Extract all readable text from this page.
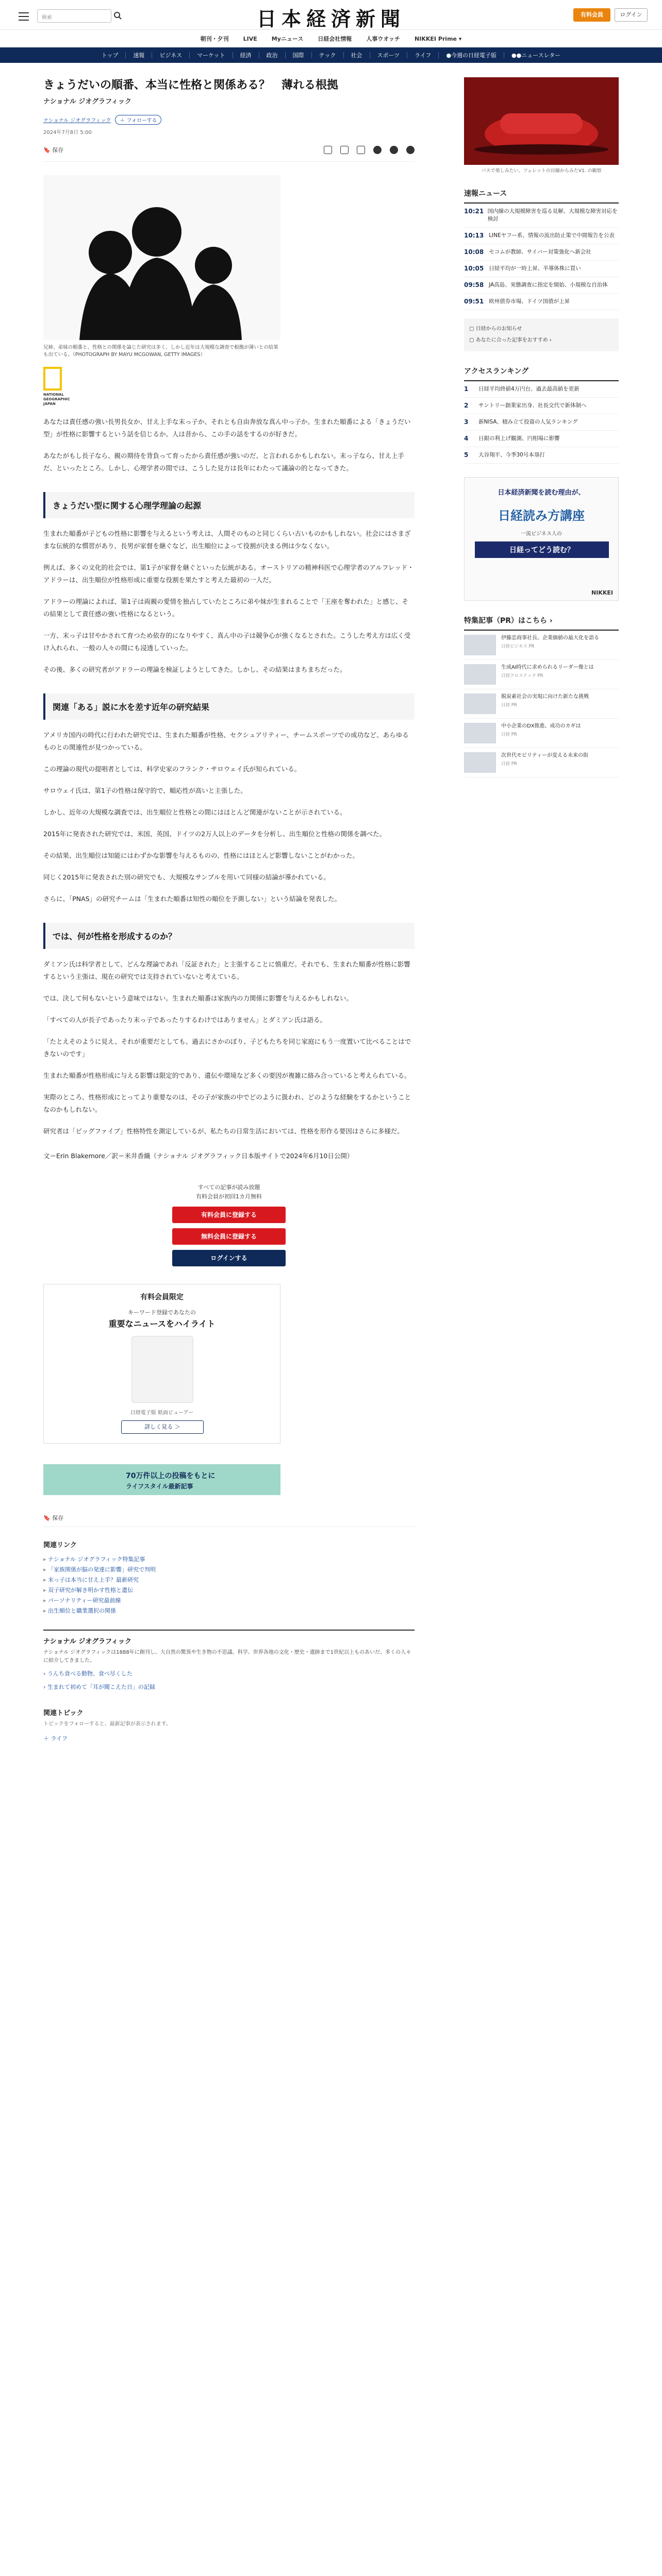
検索	日本経済新聞	有料会員	ログイン
朝刊・夕刊	LIVE	Myニュース	日経会社情報	人事ウオッチ	NIKKEI Prime ▾
トップ	速報	ビジネス	マーケット	経済	政治	国際	テック	社会	スポーツ	ライフ	●今週の日経電子版	●●ニュースレター
きょうだいの順番、本当に性格と関係ある？　薄れる根拠
ナショナル ジオグラフィック
ナショナル ジオグラフィック	＋ フォローする
2024年7月8日 5:00
🔖 保存
兄姉、弟妹の順番と、性格との関係を論じた研究は多く、しかし近年は大規模な調査で根拠が薄いとの結果も出ている。（PHOTOGRAPH BY MAYU MCGOWAN, GETTY IMAGES）
NATIONAL GEOGRAPHIC JAPAN

あなたは責任感の強い長男長女か、甘え上手な末っ子か、それとも自由奔放な真ん中っ子か。生まれた順番による「きょうだい型」が性格に影響するという話を信じるか。人は昔から、この手の話をするのが好きだ。

あなたがもし長子なら、親の期待を背負って育ったから責任感が強いのだ、と言われるかもしれない。末っ子なら、甘え上手だ、といったところ。しかし、心理学者の間では、こうした見方は長年にわたって議論の的となってきた。

きょうだい型に関する心理学理論の起源

生まれた順番が子どもの性格に影響を与えるという考えは、人間そのものと同じくらい古いものかもしれない。社会にはさまざまな伝統的な慣習があり、長男が家督を継ぐなど、出生順位によって役割が決まる例は少なくない。

例えば、多くの文化的社会では、第1子が家督を継ぐといった伝統がある。オーストリアの精神科医で心理学者のアルフレッド・アドラーは、出生順位が性格形成に重要な役割を果たすと考えた最初の一人だ。

アドラーの理論によれば、第1子は両親の愛情を独占していたところに弟や妹が生まれることで「王座を奪われた」と感じ、その結果として責任感の強い性格になるという。

一方、末っ子は甘やかされて育つため依存的になりやすく、真ん中の子は競争心が強くなるとされた。こうした考え方は広く受け入れられ、一般の人々の間にも浸透していった。

その後、多くの研究者がアドラーの理論を検証しようとしてきた。しかし、その結果はまちまちだった。

関連「ある」説に水を差す近年の研究結果

アメリカ国内の時代に行われた研究では、生まれた順番が性格、セクシュアリティー、チームスポーツでの成功など、あらゆるものとの関連性が見つかっている。

この理論の現代の提唱者としては、科学史家のフランク・サロウェイ氏が知られている。

サロウェイ氏は、第1子の性格は保守的で、順応性が高いと主張した。

しかし、近年の大規模な調査では、出生順位と性格との間にはほとんど関連がないことが示されている。

2015年に発表された研究では、米国、英国、ドイツの2万人以上のデータを分析し、出生順位と性格の関係を調べた。

その結果、出生順位は知能にはわずかな影響を与えるものの、性格にはほとんど影響しないことがわかった。

同じく2015年に発表された別の研究でも、大規模なサンプルを用いて同様の結論が導かれている。

さらに、「PNAS」の研究チームは「生まれた順番は知性の順位を予測しない」という結論を発表した。

では、何が性格を形成するのか？

ダミアン氏は科学者として、どんな理論であれ「反証された」と主張することに慎重だ。それでも、生まれた順番が性格に影響するという主張は、現在の研究では支持されていないと考えている。

では、決して何もないという意味ではない。生まれた順番は家族内の力関係に影響を与えるかもしれない。

「すべての人が長子であったり末っ子であったりするわけではありません」とダミアン氏は語る。

「たとえそのように見え、それが重要だとしても、過去にさかのぼり、子どもたちを同じ家庭にもう一度置いて比べることはできないのです」

生まれた順番が性格形成に与える影響は限定的であり、遺伝や環境など多くの要因が複雑に絡み合っていると考えられている。

実際のところ、性格形成にとってより重要なのは、その子が家族の中でどのように扱われ、どのような経験をするかということなのかもしれない。

研究者は「ビッグファイブ」性格特性を測定しているが、私たちの日常生活においては、性格を形作る要因はさらに多様だ。

文＝Erin Blakemore／訳＝米井香織（ナショナル ジオグラフィック日本版サイトで2024年6月10日公開）

すべての記事が読み放題
有料会員が初回1カ月無料
有料会員に登録する
無料会員に登録する
ログインする
有料会員限定
キーワード登録であなたの
重要なニュースをハイライト
日経電子版 紙面ビューアー
詳しく見る ＞
70万件以上の投稿をもとに
ライフスタイル最新記事
🔖 保存
関連リンク
▸ ナショナル ジオグラフィック特集記事
▸ 「家族関係が脳の発達に影響」研究で判明
▸ 末っ子は本当に甘え上手？最新研究
▸ 双子研究が解き明かす性格と遺伝
▸ パーソナリティー研究最前線
▸ 出生順位と職業選択の関係
ナショナル ジオグラフィック
ナショナル ジオグラフィックは1888年に創刊し、大自然の驚異や生き物の不思議、科学、世界各地の文化・歴史・遺跡まで1世紀以上ものあいだ、多くの人々に紹介してきました。
› うんち食べる動物、食べ尽くした
› 生まれて初めて「耳が聞こえた日」の記録
関連トピック
トピックをフォローすると、最新記事が表示されます。
＋ ライフ
バスで楽しみたい、フェレットの目線からみたV1. の観察
速報ニュース
10:21 国内線の大規模障害を巡る見解、大規模な障害対応を検討
10:13 LINEヤフー系、情報の流出防止策で中間報告を公表
10:08 セコムが教師、サイバー対策強化へ新会社
10:05 日経平均が一時上昇、半導体株に買い
09:58 JA高島、実態調査に指定を開始、小規模な自治体
09:51 欧州債券市場、ドイツ国債が上昇
▢ 日経からのお知らせ
▢ あなたに合った記事をおすすめ ›
アクセスランキング
1	日経平均終値4万円台、過去最高値を更新
2	サントリー創業家出身、社長交代で新体制へ
3	新NISA、積み立て投資の人気ランキング
4	日銀の利上げ観測、円相場に影響
5	大谷翔平、今季30号本塁打
日本経済新聞を読む理由が、
日経読み方講座
一流ビジネス人の
日経ってどう読む？
NIKKEI
特集記事（PR）はこちら ›
伊藤忠商事社長、企業価値の最大化を語る
日経ビジネス PR
生成AI時代に求められるリーダー像とは
日経クロステック PR
脱炭素社会の実現に向けた新たな挑戦
日経 PR
中小企業のDX推進、成功のカギは
日経 PR
次世代モビリティーが変える未来の街
日経 PR
